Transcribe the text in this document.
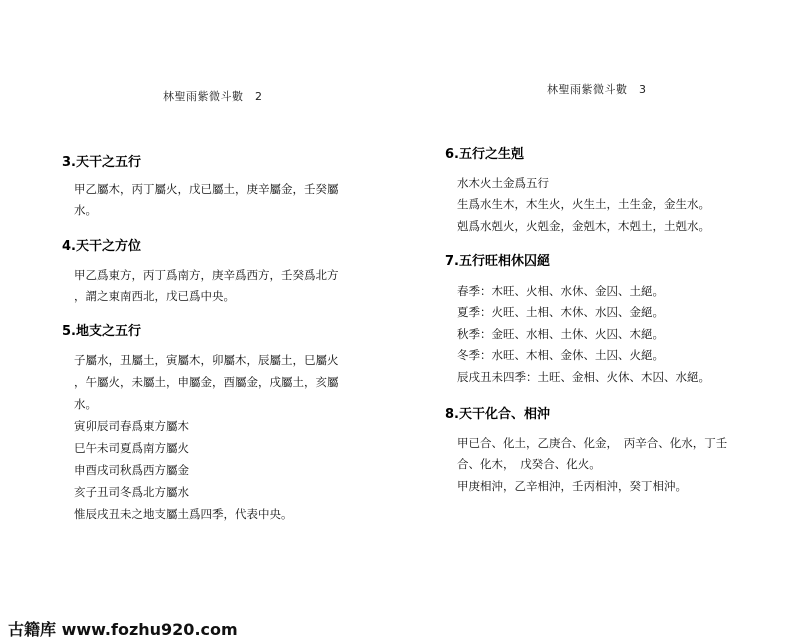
林聖雨紫微斗數　2
3.天干之五行
甲乙屬木，丙丁屬火，戊已屬土，庚辛屬金，壬癸屬
水。
4.天干之方位
甲乙爲東方，丙丁爲南方，庚辛爲西方，壬癸爲北方
，謂之東南西北，戊已爲中央。
5.地支之五行
子屬水，丑屬土，寅屬木，卯屬木，辰屬土，巳屬火
，午屬火，未屬土，申屬金，酉屬金，戌屬土，亥屬
水。
寅卯辰司春爲東方屬木
巳午未司夏爲南方屬火
申酉戌司秋爲西方屬金
亥子丑司冬爲北方屬水
惟辰戌丑未之地支屬土爲四季，代表中央。
林聖雨紫微斗數　3
6.五行之生剋
水木火土金爲五行
生爲水生木，木生火，火生土，土生金，金生水。
剋爲水剋火，火剋金，金剋木，木剋土，土剋水。
7.五行旺相休囚絕
春季：木旺、火相、水休、金囚、土絕。
夏季：火旺、土相、木休、水囚、金絕。
秋季：金旺、水相、土休、火囚、木絕。
冬季：水旺、木相、金休、土囚、火絕。
辰戌丑未四季：土旺、金相、火休、木囚、水絕。
8.天干化合、相沖
甲已合、化土，乙庚合、化金，　丙辛合、化水，丁壬
合、化木，　戊癸合、化火。
甲庚相沖，乙辛相沖，壬丙相沖，癸丁相沖。
古籍库 www.fozhu920.com
